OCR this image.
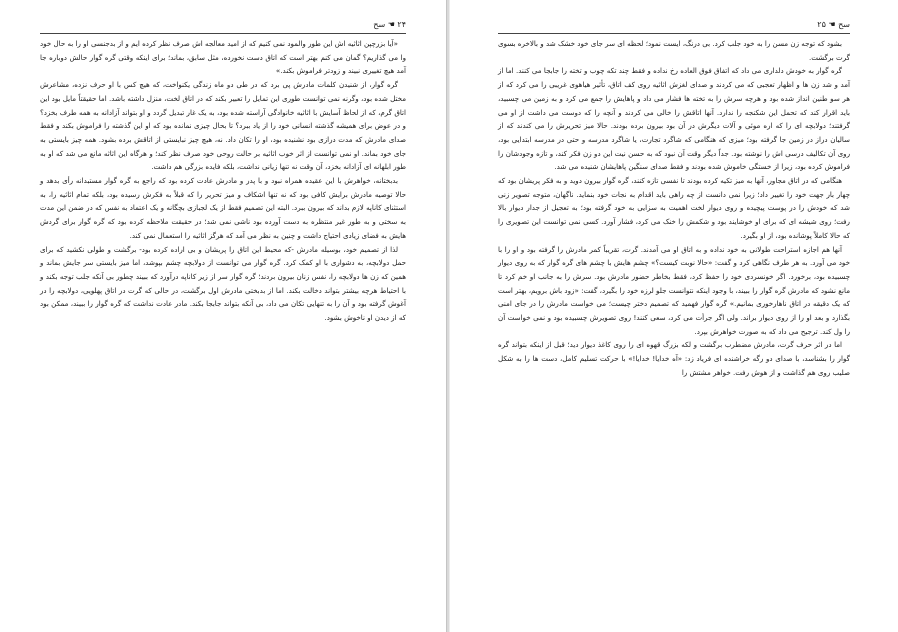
۲۴ ☚ سح

«آیا بزرچپن اثاثیه اش این طور والمود نمی کنیم که از امید معالجه اش صرف نظر کرده ایم و از بدجنسی او را به حال خود وا می گذاریم؟ گمان می کنم بهتر است که اتاق دست نخورده، مثل سابق، بماند؛ برای اینکه وقتی گره گوار حالش دوباره جا آمد هیچ تغییری نبیند و زودتر فراموش بکند.»

گره گوار، از شنیدن کلمات مادرش پی برد که در طی دو ماه زندگی یکنواخت، که هیچ کس با او حرف نزده، مشاعرش مختل شده بود، وگرنه نمی توانست طوری این تمایل را تعبیر بکند که در اتاق لخت، منزل داشته باشد. اما حقیقتاً مایل بود این اتاق گرم، که از لحاظ آسایش با اثاثیه خانوادگی آراسته شده بود، به یک غار تبدیل گردد و او بتواند آزادانه به همه طرف بخزد؟ و در عوض برای همیشه گذشته انسانی خود را از یاد ببرد؟ تا بحال چیزی نمانده بود که او این گذشته را فراموش بکند و فقط صدای مادرش که مدت درازی بود نشنیده بود، او را تکان داد. نه، هیچ چیز نبایستی از اتاقش برده بشود. همه چیز بایستی به جای خود بماند. او نمی توانست از اثر خوب اثاثیه بر حالت روحی خود صرف نظر کند؛ و هرگاه این اثاثه مانع می شد که او به طور ابلهانه ای آزادانه بخزد، آن وقت نه تنها زیانی نداشت، بلکه فایده بزرگی هم داشت.

بدبختانه، خواهرش با این عقیده همراه نبود و با پدر و مادرش عادت کرده بود که راجع به گره گوار مستبدانه رأی بدهد و حالا توصیه مادرش برایش کافی بود که نه تنها اشکاف و میز تحریر را که قبلاً به فکرش رسیده بود، بلکه تمام اثاثیه را، به استثنای کاناپه لازم بداند که بیرون ببرد. البته این تصمیم فقط از یک لجبازی بچگانه و یک اعتماد به نفس که در ضمن این مدت به سختی و به طور غیر منتظره به دست آورده بود ناشی نمی شد؛ در حقیقت ملاحظه کرده بود که گره گوار برای گردش هایش به فضای زیادی احتیاج داشت و چنین به نظر می آمد که هرگز اثاثیه را استعمال نمی کند.

لذا از تصمیم خود، بوسیله مادرش -که محیط این اتاق را پریشان و بی اراده کرده بود- برگشت و طولی نکشید که برای حمل دولابچه، به دشواری با او کمک کرد. گره گوار می توانست از دولابچه چشم بپوشد، اما میز بایستی سر جایش بماند و همین که زن ها دولابچه را، نفس زنان بیرون بردند؛ گره گوار سر از زیر کاناپه درآورد که ببیند چطور بی آنکه جلب توجه بکند و با احتیاط هرچه بیشتر بتواند دخالت بکند. اما از بدبختی مادرش اول برگشت، در حالی که گرت در اتاق پهلویی، دولابچه را در آغوش گرفته بود و آن را به تنهایی تکان می داد، بی آنکه بتواند جابجا بکند. مادر عادت نداشت که گره گوار را ببیند، ممکن بود که از دیدن او ناخوش بشود.

سح ☚ ۲۵

بشود که توجه زن مسن را به خود جلب کرد. بی درنگ، ایست نمود؛ لحظه ای سر جای خود خشک شد و بالاخره بسوی گرت برگشت.

گره گوار به خودش دلداری می داد که اتفاق فوق العاده رخ نداده و فقط چند تکه چوب و تخته را جابجا می کنند. اما از آمد و شد زن ها و اظهار تعجبی که می کردند و صدای لغزش اثاثیه روی کف اتاق، تأثیر هیاهوی غریبی را می کرد که از هر سو طنین انداز شده بود و هرچه سرش را به تخته ها فشار می داد و پاهایش را جمع می کرد و به زمین می چسبید، باید اقرار کند که تحمل این شکنجه را ندارد. آنها اتاقش را خالی می کردند و آنچه را که دوست می داشت از او می گرفتند؛ دولابچه ای را که اره موئی و آلات دیگرش در آن بود بیرون برده بودند. حالا میز تحریرش را می کندند که از سالیان دراز در زمین جا گرفته بود؛ میزی که هنگامی که شاگرد تجارت، یا شاگرد مدرسه و حتی در مدرسه ابتدایی بود، روی آن تکالیف درسی اش را نوشته بود. جداً دیگر وقت آن نبود که به حسن نیت این دو زن فکر کند، و تازه وجودشان را فراموش کرده بود، زیرا از خستگی خاموش شده بودند و فقط صدای سنگین پاهایشان شنیده می شد.

هنگامی که در اتاق مجاور، آنها به میز تکیه کرده بودند تا نفسی تازه کنند، گره گوار بیرون دوید و به فکر پریشان بود که چهار بار جهت خود را تغییر داد؛ زیرا نمی دانست از چه راهی باید اقدام به نجات خود بنماید. ناگهان، متوجه تصویر زنی شد که خودش را در پوست پیچیده و روی دیوار لخت اهمیت به سزایی به خود گرفته بود؛ به تعجیل از جدار دیوار بالا رفت؛ روی شیشه ای که برای او خوشایند بود و شکمش را خنک می کرد، فشار آورد. کسی نمی توانست این تصویری را که حالا کاملاً پوشانده بود، از او بگیرد.

آنها هم اجازه استراحت طولانی به خود نداده و به اتاق او می آمدند. گرت، تقریباً کمر مادرش را گرفته بود و او را با خود می آورد. به هر طرف نگاهی کرد و گفت: «حالا نوبت کیست؟» چشم هایش با چشم های گره گوار که به روی دیوار چسبیده بود، برخورد. اگر خونسردی خود را حفظ کرد، فقط بخاطر حضور مادرش بود. سرش را به جانب او خم کرد تا مانع نشود که مادرش گره گوار را ببیند، با وجود اینکه نتوانست جلو لرزه خود را بگیرد، گفت: «زود باش برویم، بهتر است که یک دقیقه در اتاق ناهارخوری بمانیم.» گره گوار فهمید که تصمیم دختر چیست؛ می خواست مادرش را در جای امنی بگذارد و بعد او را از روی دیوار براند. ولی اگر جرأت می کرد، سعی کنند! روی تصویرش چسبیده بود و نمی خواست آن را ول کند. ترجیح می داد که به صورت خواهرش بپرد.

اما در اثر حرف گرت، مادرش مضطرب برگشت و لکه بزرگ قهوه ای را روی کاغذ دیوار دید؛ قبل از اینکه بتواند گره گوار را بشناسد، با صدای دو رگه خراشنده ای فریاد زد: «آه خدایا! خدایا!» با حرکت تسلیم کامل، دست ها را به شکل صلیب روی هم گذاشت و از هوش رفت. خواهر مشتش را
